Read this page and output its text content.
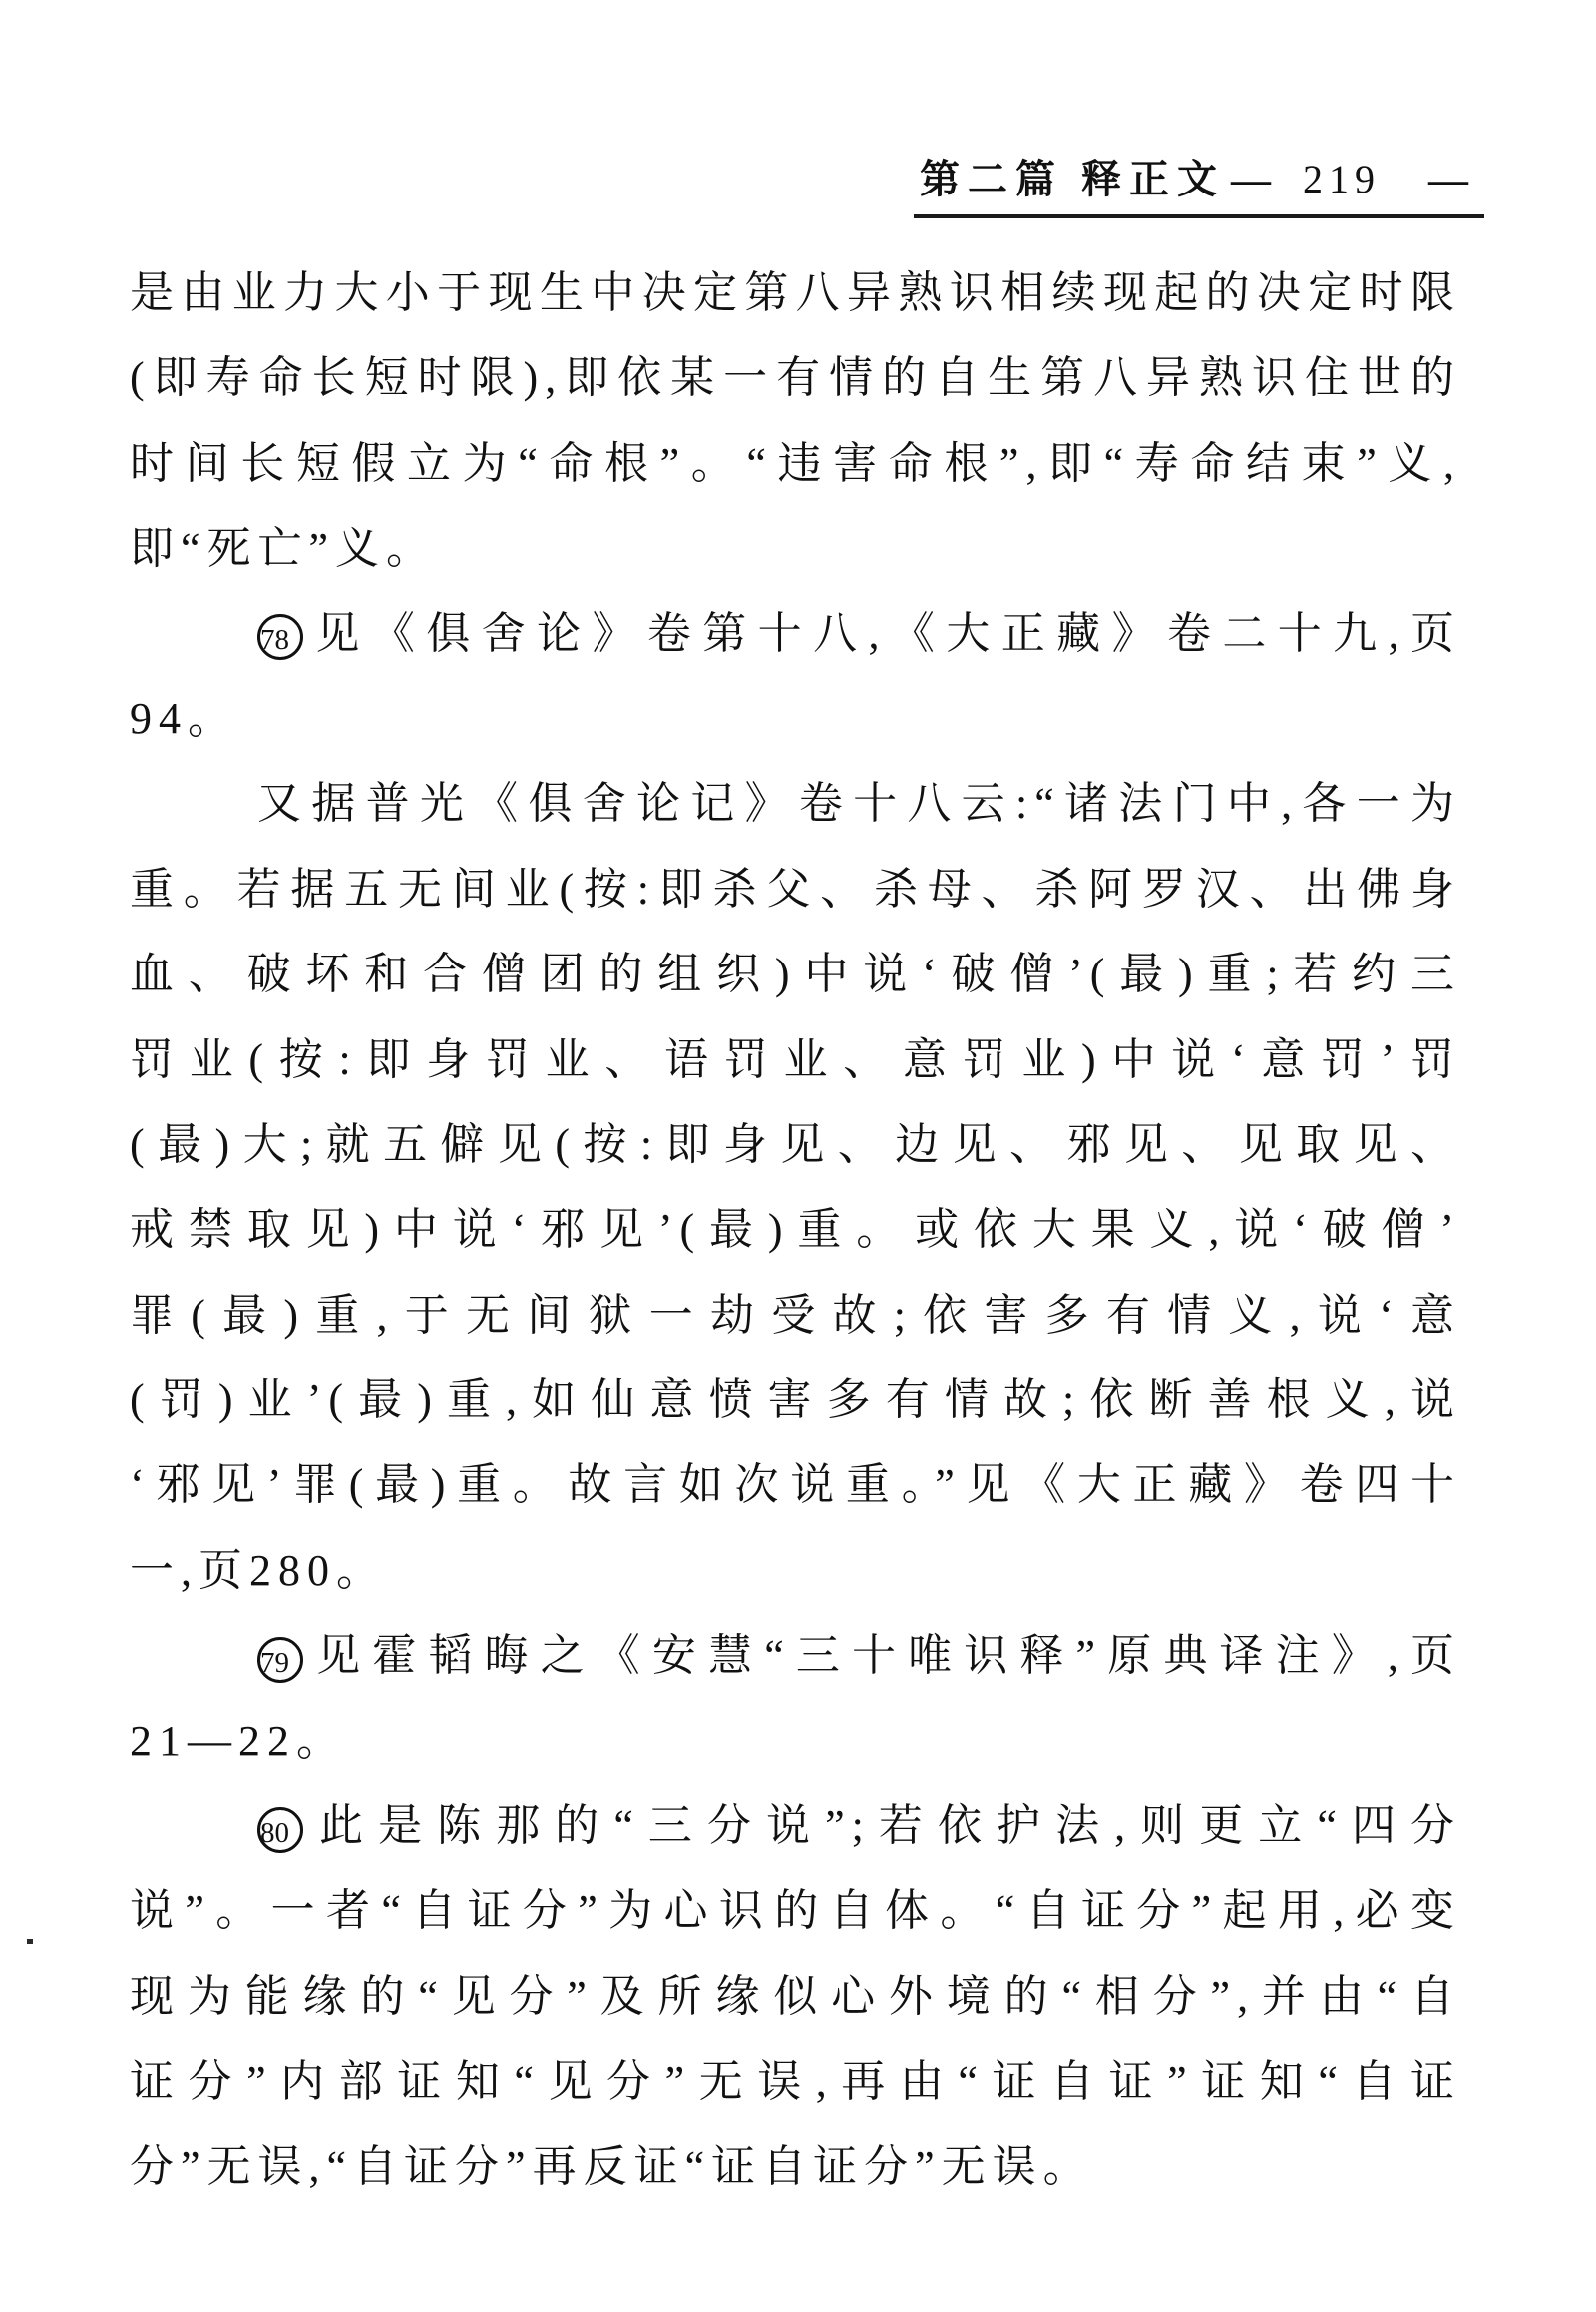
第二篇 释正文 — 219 —
是由业力大小于现生中决定第八异熟识相续现起的决定时限
(即寿命长短时限),即依某一有情的自生第八异熟识住世的
时间长短假立为“命根”。“违害命根”,即“寿命结束”义,
即“死亡”义。
78 见《俱舍论》卷第十八,《大正藏》卷二十九,页
94。
又据普光《俱舍论记》卷十八云:“诸法门中,各一为
重。若据五无间业(按:即杀父、杀母、杀阿罗汉、出佛身
血、破坏和合僧团的组织)中说‘破僧’(最)重;若约三
罚业(按:即身罚业、语罚业、意罚业)中说‘意罚’罚
(最)大;就五僻见(按:即身见、边见、邪见、见取见、
戒禁取见)中说‘邪见’(最)重。或依大果义,说‘破僧’
罪(最)重,于无间狱一劫受故;依害多有情义,说‘意
(罚)业’(最)重,如仙意愤害多有情故;依断善根义,说
‘邪见’罪(最)重。故言如次说重。”见《大正藏》卷四十
一,页280。
79 见霍韬晦之《安慧“三十唯识释”原典译注》,页
21—22。
80 此是陈那的“三分说”;若依护法,则更立“四分
说”。一者“自证分”为心识的自体。“自证分”起用,必变
现为能缘的“见分”及所缘似心外境的“相分”,并由“自
证分”内部证知“见分”无误,再由“证自证”证知“自证
分”无误,“自证分”再反证“证自证分”无误。
